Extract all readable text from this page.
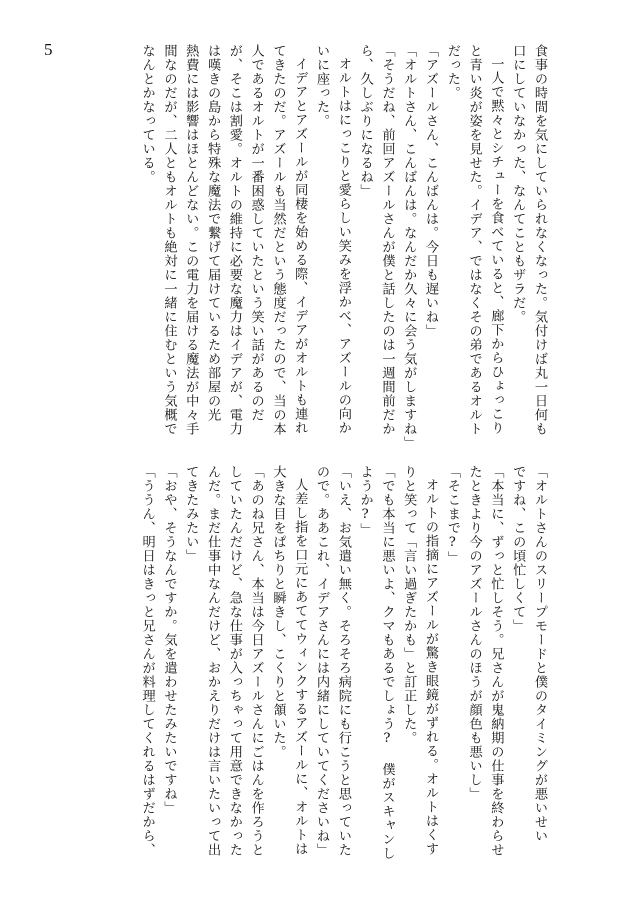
5	食事の時間を気にしていられなくなった。気付けば丸一日何も
口にしていなかった、なんてこともザラだ。
一人で黙々とシチューを食べていると、廊下からひょっこり
と青い炎が姿を見せた。イデア、ではなくその弟であるオルト
だった。
「アズールさん、こんばんは。今日も遅いね」
「オルトさん、こんばんは。なんだか久々に会う気がしますね」
「そうだね、前回アズールさんが僕と話したのは一週間前だか
ら、久しぶりになるね」
オルトはにっこりと愛らしい笑みを浮かべ、アズールの向か
いに座った。
イデアとアズールが同棲を始める際、イデアがオルトも連れ
てきたのだ。アズールも当然だという態度だったので、当の本
人であるオルトが一番困惑していたという笑い話があるのだ
が、そこは割愛。オルトの維持に必要な魔力はイデアが、電力
は嘆きの島から特殊な魔法で繋げて届けているため部屋の光
熱費には影響はほとんどない。この電力を届ける魔法が中々手
間なのだが、二人ともオルトも絶対に一緒に住むという気概で
なんとかなっている。
「オルトさんのスリープモードと僕のタイミングが悪いせい
ですね、この頃忙しくて」
「本当に、ずっと忙しそう。兄さんが鬼納期の仕事を終わらせ
たときより今のアズールさんのほうが顔色も悪いし」
「そこまで?」
オルトの指摘にアズールが驚き眼鏡がずれる。オルトはくす
りと笑って「言い過ぎたかも」と訂正した。
「でも本当に悪いよ、クマもあるでしょう? 僕がスキャンし
ようか?」
「いえ、お気遣い無く。そろそろ病院にも行こうと思っていた
ので。ああこれ、イデアさんには内緒にしていてくださいね」
人差し指を口元にあててウィンクするアズールに、オルトは
大きな目をぱちりと瞬きし、こくりと頷いた。
「あのね兄さん、本当は今日アズールさんにごはんを作ろうと
していたんだけど、急な仕事が入っちゃって用意できなかった
んだ。まだ仕事中なんだけど、おかえりだけは言いたいって出
てきたみたい」
「おや、そうなんですか。気を遣わせたみたいですね」
「ううん、明日はきっと兄さんが料理してくれるはずだから、
